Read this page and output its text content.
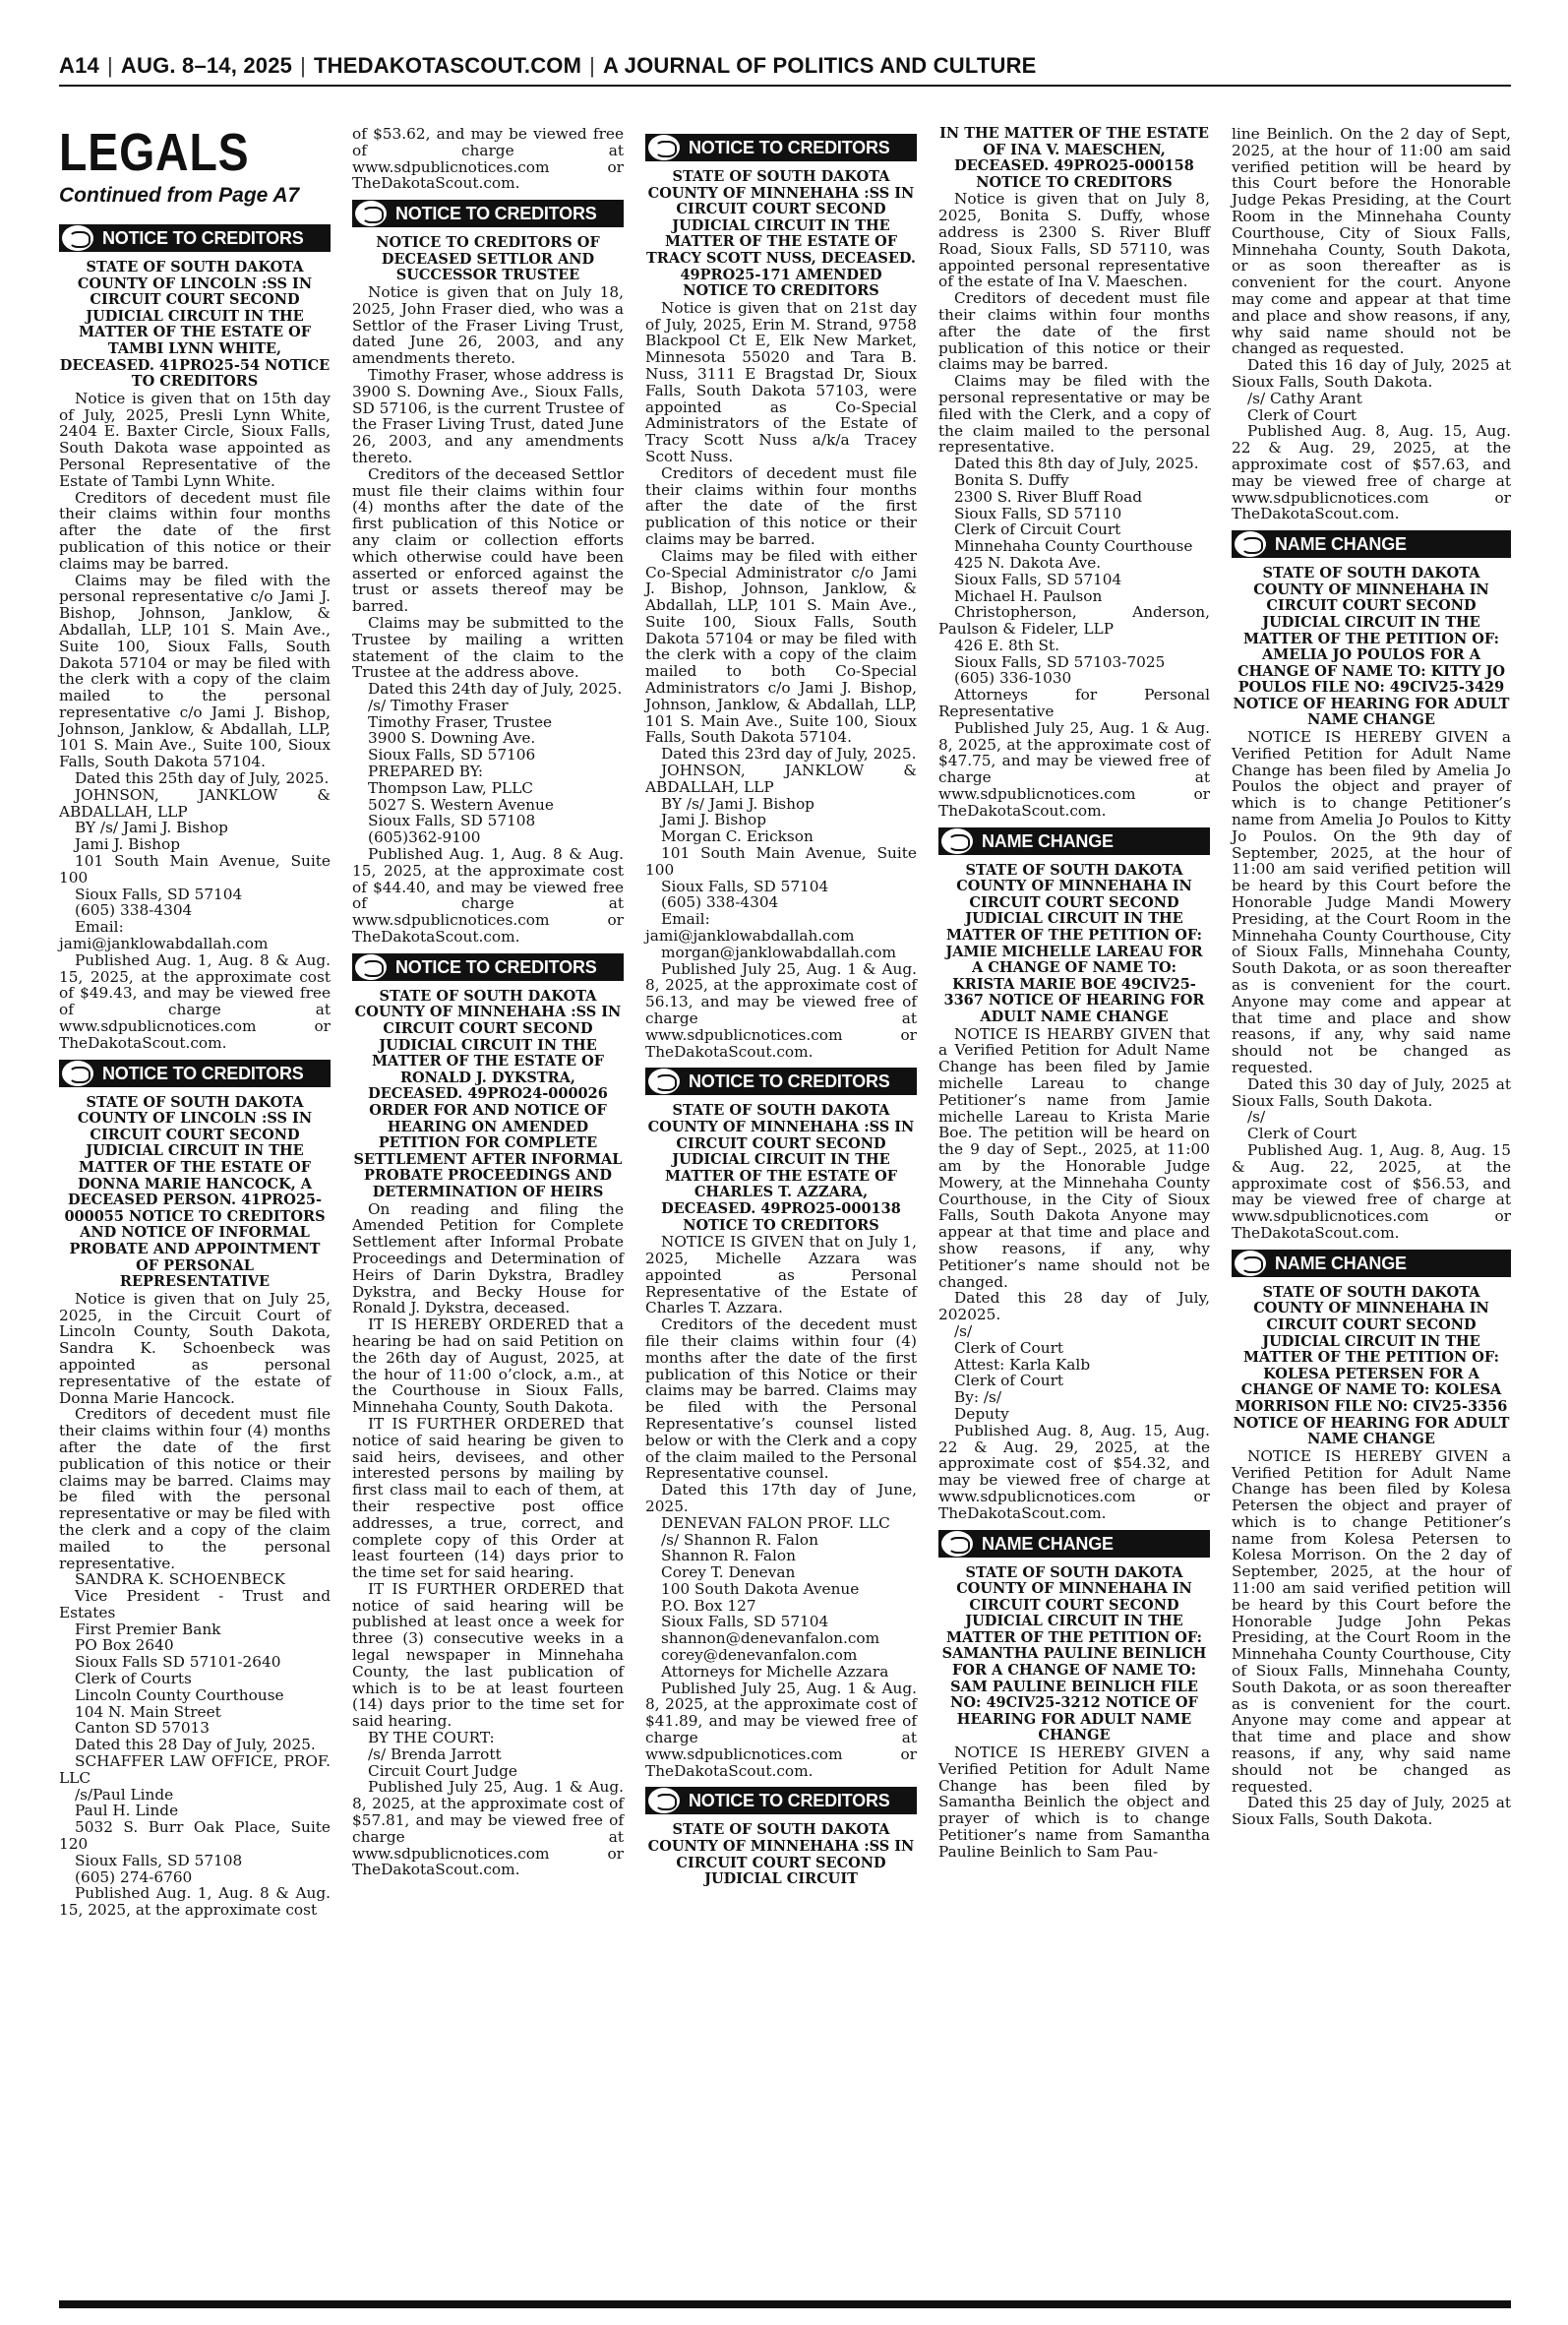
A14 | AUG. 8–14, 2025 | THEDAKOTASCOUT.COM | A JOURNAL OF POLITICS AND CULTURE
LEGALS
Continued from Page A7
NOTICE TO CREDITORS

STATE OF SOUTH DAKOTA COUNTY OF LINCOLN :SS IN CIRCUIT COURT SECOND JUDICIAL CIRCUIT IN THE MATTER OF THE ESTATE OF TAMBI LYNN WHITE, DECEASED. 41PRO25-54 NOTICE TO CREDITORS

Notice is given that on 15th day of July, 2025, Presli Lynn White, 2404 E. Baxter Circle, Sioux Falls, South Dakota wase appointed as Personal Representative of the Estate of Tambi Lynn White.

Creditors of decedent must file their claims within four months after the date of the first publication of this notice or their claims may be barred.

Claims may be filed with the personal representative c/o Jami J. Bishop, Johnson, Janklow, & Abdallah, LLP, 101 S. Main Ave., Suite 100, Sioux Falls, South Dakota 57104 or may be filed with the clerk with a copy of the claim mailed to the personal representative c/o Jami J. Bishop, Johnson, Janklow, & Abdallah, LLP, 101 S. Main Ave., Suite 100, Sioux Falls, South Dakota 57104.

Dated this 25th day of July, 2025.

JOHNSON, JANKLOW & ABDALLAH, LLP

BY /s/ Jami J. Bishop

Jami J. Bishop

101 South Main Avenue, Suite 100

Sioux Falls, SD 57104

(605) 338-4304

Email: jami@janklowabdallah.com

Published Aug. 1, Aug. 8 & Aug. 15, 2025, at the approximate cost of $49.43, and may be viewed free of charge at www.sdpublicnotices.com or TheDakotaScout.com.

NOTICE TO CREDITORS

STATE OF SOUTH DAKOTA COUNTY OF LINCOLN :SS IN CIRCUIT COURT SECOND JUDICIAL CIRCUIT IN THE MATTER OF THE ESTATE OF DONNA MARIE HANCOCK, A DECEASED PERSON. 41PRO25-000055 NOTICE TO CREDITORS AND NOTICE OF INFORMAL PROBATE AND APPOINTMENT OF PERSONAL REPRESENTATIVE

Notice is given that on July 25, 2025, in the Circuit Court of Lincoln County, South Dakota, Sandra K. Schoenbeck was appointed as personal representative of the estate of Donna Marie Hancock.

Creditors of decedent must file their claims within four (4) months after the date of the first publication of this notice or their claims may be barred. Claims may be filed with the personal representative or may be filed with the clerk and a copy of the claim mailed to the personal representative.

SANDRA K. SCHOENBECK

Vice President - Trust and Estates

First Premier Bank

PO Box 2640

Sioux Falls SD 57101-2640

Clerk of Courts

Lincoln County Courthouse

104 N. Main Street

Canton SD 57013

Dated this 28 Day of July, 2025.

SCHAFFER LAW OFFICE, PROF. LLC

/s/Paul Linde

Paul H. Linde

5032 S. Burr Oak Place, Suite 120

Sioux Falls, SD 57108

(605) 274-6760

Published Aug. 1, Aug. 8 & Aug. 15, 2025, at the approximate cost

of $53.62, and may be viewed free of charge at www.sdpublicnotices.com or TheDakotaScout.com.

NOTICE TO CREDITORS

NOTICE TO CREDITORS OF DECEASED SETTLOR AND SUCCESSOR TRUSTEE

Notice is given that on July 18, 2025, John Fraser died, who was a Settlor of the Fraser Living Trust, dated June 26, 2003, and any amendments thereto.

Timothy Fraser, whose address is 3900 S. Downing Ave., Sioux Falls, SD 57106, is the current Trustee of the Fraser Living Trust, dated June 26, 2003, and any amendments thereto.

Creditors of the deceased Settlor must file their claims within four (4) months after the date of the first publication of this Notice or any claim or collection efforts which otherwise could have been asserted or enforced against the trust or assets thereof may be barred.

Claims may be submitted to the Trustee by mailing a written statement of the claim to the Trustee at the address above.

Dated this 24th day of July, 2025.

/s/ Timothy Fraser

Timothy Fraser, Trustee

3900 S. Downing Ave.

Sioux Falls, SD 57106

PREPARED BY:

Thompson Law, PLLC

5027 S. Western Avenue

Sioux Falls, SD 57108

(605)362-9100

Published Aug. 1, Aug. 8 & Aug. 15, 2025, at the approximate cost of $44.40, and may be viewed free of charge at www.sdpublicnotices.com or TheDakotaScout.com.

NOTICE TO CREDITORS

STATE OF SOUTH DAKOTA COUNTY OF MINNEHAHA :SS IN CIRCUIT COURT SECOND JUDICIAL CIRCUIT IN THE MATTER OF THE ESTATE OF RONALD J. DYKSTRA, DECEASED. 49PRO24-000026 ORDER FOR AND NOTICE OF HEARING ON AMENDED PETITION FOR COMPLETE SETTLEMENT AFTER INFORMAL PROBATE PROCEEDINGS AND DETERMINATION OF HEIRS

On reading and filing the Amended Petition for Complete Settlement after Informal Probate Proceedings and Determination of Heirs of Darin Dykstra, Bradley Dykstra, and Becky House for Ronald J. Dykstra, deceased.

IT IS HEREBY ORDERED that a hearing be had on said Petition on the 26th day of August, 2025, at the hour of 11:00 o’clock, a.m., at the Courthouse in Sioux Falls, Minnehaha County, South Dakota.

IT IS FURTHER ORDERED that notice of said hearing be given to said heirs, devisees, and other interested persons by mailing by first class mail to each of them, at their respective post office addresses, a true, correct, and complete copy of this Order at least fourteen (14) days prior to the time set for said hearing.

IT IS FURTHER ORDERED that notice of said hearing will be published at least once a week for three (3) consecutive weeks in a legal newspaper in Minnehaha County, the last publication of which is to be at least fourteen (14) days prior to the time set for said hearing.

BY THE COURT:

/s/ Brenda Jarrott

Circuit Court Judge

Published July 25, Aug. 1 & Aug. 8, 2025, at the approximate cost of $57.81, and may be viewed free of charge at www.sdpublicnotices.com or TheDakotaScout.com.

NOTICE TO CREDITORS

STATE OF SOUTH DAKOTA COUNTY OF MINNEHAHA :SS IN CIRCUIT COURT SECOND JUDICIAL CIRCUIT IN THE MATTER OF THE ESTATE OF TRACY SCOTT NUSS, DECEASED. 49PRO25-171 AMENDED NOTICE TO CREDITORS

Notice is given that on 21st day of July, 2025, Erin M. Strand, 9758 Blackpool Ct E, Elk New Market, Minnesota 55020 and Tara B. Nuss, 3111 E Bragstad Dr, Sioux Falls, South Dakota 57103, were appointed as Co-Special Administrators of the Estate of Tracy Scott Nuss a/k/a Tracey Scott Nuss.

Creditors of decedent must file their claims within four months after the date of the first publication of this notice or their claims may be barred.

Claims may be filed with either Co-Special Administrator c/o Jami J. Bishop, Johnson, Janklow, & Abdallah, LLP, 101 S. Main Ave., Suite 100, Sioux Falls, South Dakota 57104 or may be filed with the clerk with a copy of the claim mailed to both Co-Special Administrators c/o Jami J. Bishop, Johnson, Janklow, & Abdallah, LLP, 101 S. Main Ave., Suite 100, Sioux Falls, South Dakota 57104.

Dated this 23rd day of July, 2025.

JOHNSON, JANKLOW & ABDALLAH, LLP

BY /s/ Jami J. Bishop

Jami J. Bishop

Morgan C. Erickson

101 South Main Avenue, Suite 100

Sioux Falls, SD 57104

(605) 338-4304

Email: jami@janklowabdallah.com

morgan@janklowabdallah.com

Published July 25, Aug. 1 & Aug. 8, 2025, at the approximate cost of 56.13, and may be viewed free of charge at www.sdpublicnotices.com or TheDakotaScout.com.

NOTICE TO CREDITORS

STATE OF SOUTH DAKOTA COUNTY OF MINNEHAHA :SS IN CIRCUIT COURT SECOND JUDICIAL CIRCUIT IN THE MATTER OF THE ESTATE OF CHARLES T. AZZARA, DECEASED. 49PRO25-000138 NOTICE TO CREDITORS

NOTICE IS GIVEN that on July 1, 2025, Michelle Azzara was appointed as Personal Representative of the Estate of Charles T. Azzara.

Creditors of the decedent must file their claims within four (4) months after the date of the first publication of this Notice or their claims may be barred. Claims may be filed with the Personal Representative’s counsel listed below or with the Clerk and a copy of the claim mailed to the Personal Representative counsel.

Dated this 17th day of June, 2025.

DENEVAN FALON PROF. LLC

/s/ Shannon R. Falon

Shannon R. Falon

Corey T. Denevan

100 South Dakota Avenue

P.O. Box 127

Sioux Falls, SD 57104

shannon@denevanfalon.com

corey@denevanfalon.com

Attorneys for Michelle Azzara

Published July 25, Aug. 1 & Aug. 8, 2025, at the approximate cost of $41.89, and may be viewed free of charge at www.sdpublicnotices.com or TheDakotaScout.com.

NOTICE TO CREDITORS

STATE OF SOUTH DAKOTA COUNTY OF MINNEHAHA :SS IN CIRCUIT COURT SECOND JUDICIAL CIRCUIT

IN THE MATTER OF THE ESTATE OF INA V. MAESCHEN, DECEASED. 49PRO25-000158 NOTICE TO CREDITORS

Notice is given that on July 8, 2025, Bonita S. Duffy, whose address is 2300 S. River Bluff Road, Sioux Falls, SD 57110, was appointed personal representative of the estate of Ina V. Maeschen.

Creditors of decedent must file their claims within four months after the date of the first publication of this notice or their claims may be barred.

Claims may be filed with the personal representative or may be filed with the Clerk, and a copy of the claim mailed to the personal representative.

Dated this 8th day of July, 2025.

Bonita S. Duffy

2300 S. River Bluff Road

Sioux Falls, SD 57110

Clerk of Circuit Court

Minnehaha County Courthouse

425 N. Dakota Ave.

Sioux Falls, SD 57104

Michael H. Paulson

Christopherson, Anderson, Paulson & Fideler, LLP

426 E. 8th St.

Sioux Falls, SD 57103-7025

(605) 336-1030

Attorneys for Personal Representative

Published July 25, Aug. 1 & Aug. 8, 2025, at the approximate cost of $47.75, and may be viewed free of charge at www.sdpublicnotices.com or TheDakotaScout.com.

NAME CHANGE

STATE OF SOUTH DAKOTA COUNTY OF MINNEHAHA IN CIRCUIT COURT SECOND JUDICIAL CIRCUIT IN THE MATTER OF THE PETITION OF: JAMIE MICHELLE LAREAU FOR A CHANGE OF NAME TO: KRISTA MARIE BOE 49CIV25-3367 NOTICE OF HEARING FOR ADULT NAME CHANGE

NOTICE IS HEARBY GIVEN that a Verified Petition for Adult Name Change has been filed by Jamie michelle Lareau to change Petitioner’s name from Jamie michelle Lareau to Krista Marie Boe. The petition will be heard on the 9 day of Sept., 2025, at 11:00 am by the Honorable Judge Mowery, at the Minnehaha County Courthouse, in the City of Sioux Falls, South Dakota Anyone may appear at that time and place and show reasons, if any, why Petitioner’s name should not be changed.

Dated this 28 day of July, 202025.

/s/

Clerk of Court

Attest: Karla Kalb

Clerk of Court

By: /s/

Deputy

Published Aug. 8, Aug. 15, Aug. 22 & Aug. 29, 2025, at the approximate cost of $54.32, and may be viewed free of charge at www.sdpublicnotices.com or TheDakotaScout.com.

NAME CHANGE

STATE OF SOUTH DAKOTA COUNTY OF MINNEHAHA IN CIRCUIT COURT SECOND JUDICIAL CIRCUIT IN THE MATTER OF THE PETITION OF: SAMANTHA PAULINE BEINLICH FOR A CHANGE OF NAME TO: SAM PAULINE BEINLICH FILE NO: 49CIV25-3212 NOTICE OF HEARING FOR ADULT NAME CHANGE

NOTICE IS HEREBY GIVEN a Verified Petition for Adult Name Change has been filed by Samantha Beinlich the object and prayer of which is to change Petitioner’s name from Samantha Pauline Beinlich to Sam Pau-

line Beinlich. On the 2 day of Sept, 2025, at the hour of 11:00 am said verified petition will be heard by this Court before the Honorable Judge Pekas Presiding, at the Court Room in the Minnehaha County Courthouse, City of Sioux Falls, Minnehaha County, South Dakota, or as soon thereafter as is convenient for the court. Anyone may come and appear at that time and place and show reasons, if any, why said name should not be changed as requested.

Dated this 16 day of July, 2025 at Sioux Falls, South Dakota.

/s/ Cathy Arant

Clerk of Court

Published Aug. 8, Aug. 15, Aug. 22 & Aug. 29, 2025, at the approximate cost of $57.63, and may be viewed free of charge at www.sdpublicnotices.com or TheDakotaScout.com.

NAME CHANGE

STATE OF SOUTH DAKOTA COUNTY OF MINNEHAHA IN CIRCUIT COURT SECOND JUDICIAL CIRCUIT IN THE MATTER OF THE PETITION OF: AMELIA JO POULOS FOR A CHANGE OF NAME TO: KITTY JO POULOS FILE NO: 49CIV25-3429 NOTICE OF HEARING FOR ADULT NAME CHANGE

NOTICE IS HEREBY GIVEN a Verified Petition for Adult Name Change has been filed by Amelia Jo Poulos the object and prayer of which is to change Petitioner’s name from Amelia Jo Poulos to Kitty Jo Poulos. On the 9th day of September, 2025, at the hour of 11:00 am said verified petition will be heard by this Court before the Honorable Judge Mandi Mowery Presiding, at the Court Room in the Minnehaha County Courthouse, City of Sioux Falls, Minnehaha County, South Dakota, or as soon thereafter as is convenient for the court. Anyone may come and appear at that time and place and show reasons, if any, why said name should not be changed as requested.

Dated this 30 day of July, 2025 at Sioux Falls, South Dakota.

/s/

Clerk of Court

Published Aug. 1, Aug. 8, Aug. 15 & Aug. 22, 2025, at the approximate cost of $56.53, and may be viewed free of charge at www.sdpublicnotices.com or TheDakotaScout.com.

NAME CHANGE

STATE OF SOUTH DAKOTA COUNTY OF MINNEHAHA IN CIRCUIT COURT SECOND JUDICIAL CIRCUIT IN THE MATTER OF THE PETITION OF: KOLESA PETERSEN FOR A CHANGE OF NAME TO: KOLESA MORRISON FILE NO: CIV25-3356 NOTICE OF HEARING FOR ADULT NAME CHANGE

NOTICE IS HEREBY GIVEN a Verified Petition for Adult Name Change has been filed by Kolesa Petersen the object and prayer of which is to change Petitioner’s name from Kolesa Petersen to Kolesa Morrison. On the 2 day of September, 2025, at the hour of 11:00 am said verified petition will be heard by this Court before the Honorable Judge John Pekas Presiding, at the Court Room in the Minnehaha County Courthouse, City of Sioux Falls, Minnehaha County, South Dakota, or as soon thereafter as is convenient for the court. Anyone may come and appear at that time and place and show reasons, if any, why said name should not be changed as requested.

Dated this 25 day of July, 2025 at Sioux Falls, South Dakota.
